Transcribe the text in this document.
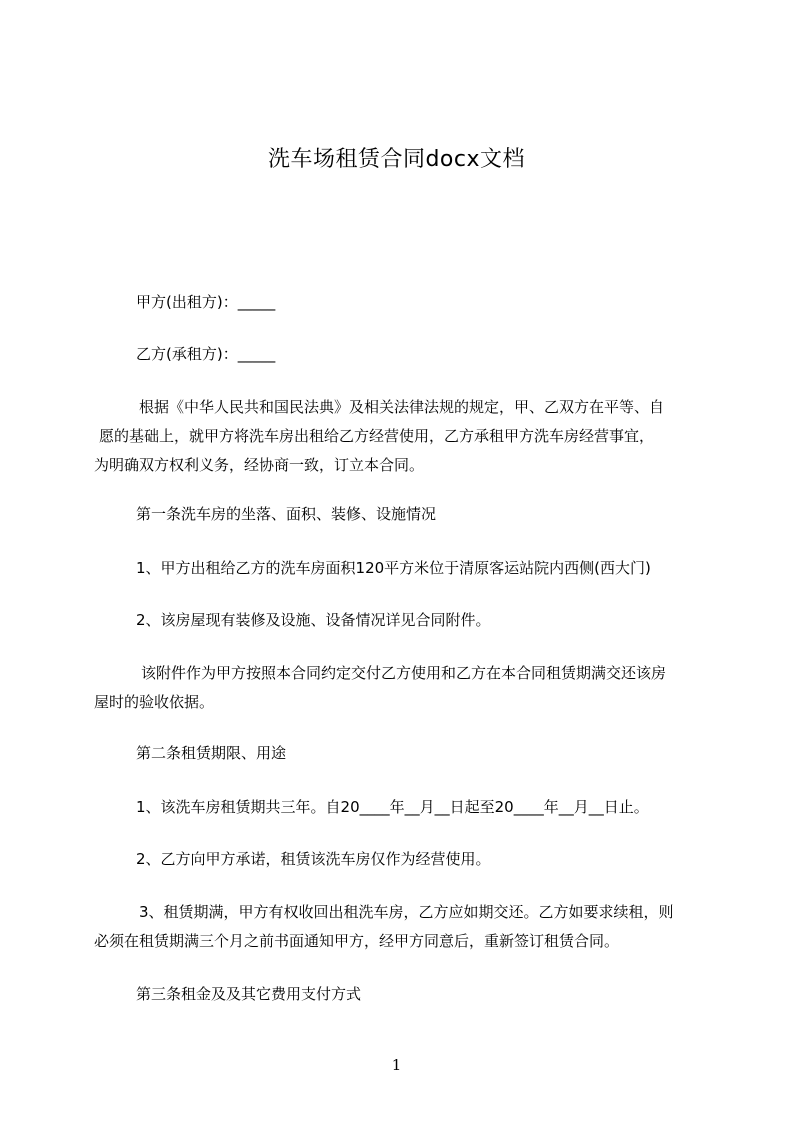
洗车场租赁合同docx文档
甲方(出租方)：_____
乙方(承租方)：_____
根据《中华人民共和国民法典》及相关法律法规的规定，甲、乙双方在平等、自
愿的基础上，就甲方将洗车房出租给乙方经营使用，乙方承租甲方洗车房经营事宜，
为明确双方权利义务，经协商一致，订立本合同。
第一条洗车房的坐落、面积、装修、设施情况
1、甲方出租给乙方的洗车房面积120平方米位于清原客运站院内西侧(西大门)
2、该房屋现有装修及设施、设备情况详见合同附件。
该附件作为甲方按照本合同约定交付乙方使用和乙方在本合同租赁期满交还该房
屋时的验收依据。
第二条租赁期限、用途
1、该洗车房租赁期共三年。自20____年__月__日起至20____年__月__日止。
2、乙方向甲方承诺，租赁该洗车房仅作为经营使用。
3、租赁期满，甲方有权收回出租洗车房，乙方应如期交还。乙方如要求续租，则
必须在租赁期满三个月之前书面通知甲方，经甲方同意后，重新签订租赁合同。
第三条租金及及其它费用支付方式
1
